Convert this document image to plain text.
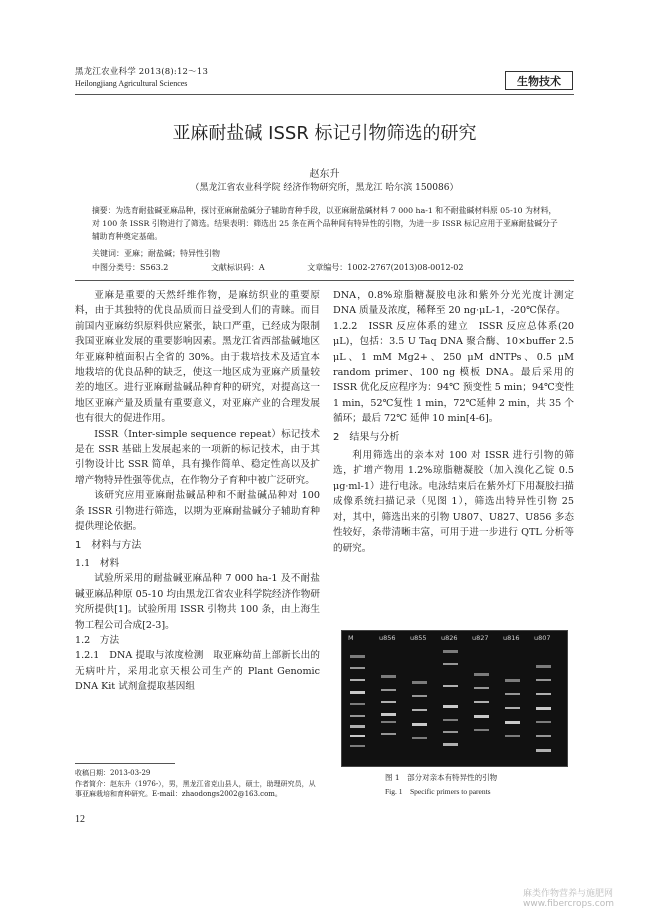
黑龙江农业科学 2013(8):12～13
Heilongjiang Agricultural Sciences	生物技术
亚麻耐盐碱 ISSR 标记引物筛选的研究
赵东升
（黑龙江省农业科学院 经济作物研究所，黑龙江 哈尔滨 150086）
摘要：为选育耐盐碱亚麻品种，探讨亚麻耐盐碱分子辅助育种手段，以亚麻耐盐碱材料 7 000 ha-1 和不耐盐碱材料原 05-10 为材料，对 100 条 ISSR 引物进行了筛选。结果表明：筛选出 25 条在两个品种间有特异性的引物，为进一步 ISSR 标记应用于亚麻耐盐碱分子辅助育种奠定基础。
关键词：亚麻；耐盐碱；特异性引物
中图分类号：S563.2	文献标识码：A	文章编号：1002-2767(2013)08-0012-02

亚麻是重要的天然纤维作物，是麻纺织业的重要原料，由于其独特的优良品质而日益受到人们的青睐。而目前国内亚麻纺织原料供应紧张，缺口严重，已经成为限制我国亚麻业发展的重要影响因素。黑龙江省西部盐碱地区年亚麻种植面积占全省的 30%。由于栽培技术及适宜本地栽培的优良品种的缺乏，使这一地区成为亚麻产质量较差的地区。进行亚麻耐盐碱品种育种的研究，对提高这一地区亚麻产量及质量有重要意义，对亚麻产业的合理发展也有很大的促进作用。

ISSR（Inter-simple sequence repeat）标记技术是在 SSR 基础上发展起来的一项新的标记技术，由于其引物设计比 SSR 简单，具有操作简单、稳定性高以及扩增产物特异性强等优点，在作物分子育种中被广泛研究。

该研究应用亚麻耐盐碱品种和不耐盐碱品种对 100 条 ISSR 引物进行筛选，以期为亚麻耐盐碱分子辅助育种提供理论依据。

1　材料与方法
1.1　材料

试验所采用的耐盐碱亚麻品种 7 000 ha-1 及不耐盐碱亚麻品种原 05-10 均由黑龙江省农业科学院经济作物研究所提供[1]。试验所用 ISSR 引物共 100 条，由上海生物工程公司合成[2-3]。

1.2　方法
1.2.1　DNA 提取与浓度检测　取亚麻幼苗上部新长出的无病叶片，采用北京天根公司生产的 Plant Genomic DNA Kit 试剂盒提取基因组
DNA，0.8%琼脂糖凝胶电泳和紫外分光光度计测定 DNA 质量及浓度，稀释至 20 ng·μL-1，-20℃保存。
1.2.2　ISSR 反应体系的建立　ISSR 反应总体系(20 μL)，包括：3.5 U Taq DNA 聚合酶、10×buffer 2.5 μL、1 mM Mg2+、250 μM dNTPs、0.5 μM random primer、100 ng 模板 DNA。最后采用的 ISSR 优化反应程序为：94℃ 预变性 5 min；94℃变性 1 min，52℃复性 1 min，72℃延伸 2 min，共 35 个循环；最后 72℃ 延伸 10 min[4-6]。
2　结果与分析

利用筛选出的亲本对 100 对 ISSR 进行引物的筛选，扩增产物用 1.2%琼脂糖凝胶（加入溴化乙锭 0.5 μg·ml-1）进行电泳。电泳结束后在紫外灯下用凝胶扫描成像系统扫描记录（见图 1），筛选出特异性引物 25 对，其中，筛选出来的引物 U807、U827、U856 多态性较好，条带清晰丰富，可用于进一步进行 QTL 分析等的研究。

M	u856 u855 u826 u827 u816 u807
图 1　部分对亲本有特异性的引物
Fig. 1　Specific primers to parents
收稿日期：2013-03-29
作者简介：赵东升（1976-），男，黑龙江省克山县人，硕士，助理研究员，从事亚麻栽培和育种研究。E-mail：zhaodongs2002@163.com。
12
麻类作物营养与施肥网 www.fibercrops.com
